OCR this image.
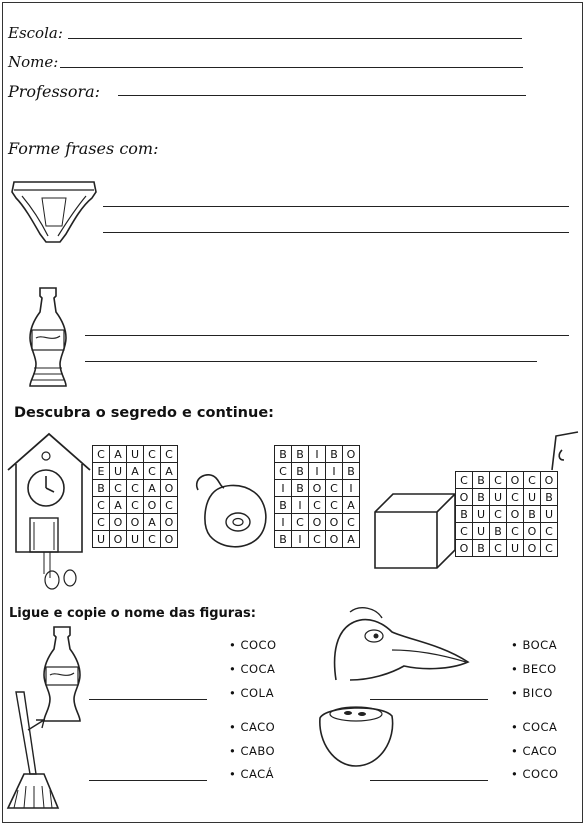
Escola:
Nome:
Professora:
Forme frases com:
Descubra o segredo e continue:
C	A	U	C	C
E	U	A	C	A
B	C	C	A	O
C	A	C	O	C
C	O	O	A	O
U	O	U	C	O
B	B	I	B	O
C	B	I	I	B
I	B	O	C	I
B	I	C	C	A
I	C	O	O	C
B	I	C	O	A
C	B	C	O	C	O
O	B	U	C	U	B
B	U	C	O	B	U
C	U	B	C	O	C
O	B	C	U	O	C
Ligue e copie o nome das figuras:
• COCO
• COCA
• COLA
• CACO
• CABO
• CACÁ
• BOCA
• BECO
• BICO
• COCA
• CACO
• COCO
